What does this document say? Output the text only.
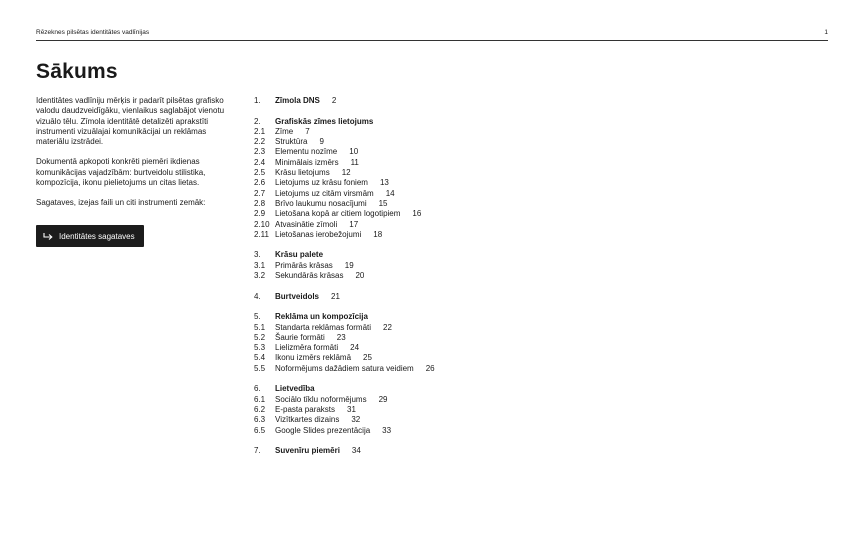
Rēzeknes pilsētas identitātes vadlīnijas	1
Sākums

Identitātes vadlīniju mērķis ir padarīt pilsētas grafisko valodu daudzveidīgāku, vienlaikus saglabājot vienotu vizuālo tēlu. Zīmola identitātē detalizēti aprakstīti instrumenti vizuālajai komunikācijai un reklāmas materiālu izstrādei.

Dokumentā apkopoti konkrēti piemēri ikdienas komunikācijas vajadzībām: burtveidolu stilistika, kompozīcija, ikonu pielietojums un citas lietas.

Sagataves, izejas faili un citi instrumenti zemāk:

Identitātes sagataves
1.	Zīmola DNS 2
2.	Grafiskās zīmes lietojums
2.1	Zīme 7
2.2	Struktūra 9
2.3	Elementu nozīme 10
2.4	Minimālais izmērs 11
2.5	Krāsu lietojums 12
2.6	Lietojums uz krāsu foniem 13
2.7	Lietojums uz citām virsmām 14
2.8	Brīvo laukumu nosacījumi 15
2.9	Lietošana kopā ar citiem logotipiem 16
2.10 Atvasinātie zīmoli 17
2.11 Lietošanas ierobežojumi 18
3.	Krāsu palete
3.1	Primārās krāsas 19
3.2	Sekundārās krāsas 20
4.	Burtveidols 21
5.	Reklāma un kompozīcija
5.1	Standarta reklāmas formāti 22
5.2	Šaurie formāti 23
5.3	Lielizmēra formāti 24
5.4	Ikonu izmērs reklāmā 25
5.5	Noformējums dažādiem satura veidiem 26
6.	Lietvedība
6.1	Sociālo tīklu noformējums 29
6.2	E-pasta paraksts 31
6.3	Vizītkartes dizains 32
6.5	Google Slides prezentācija 33
7.	Suvenīru piemēri 34
